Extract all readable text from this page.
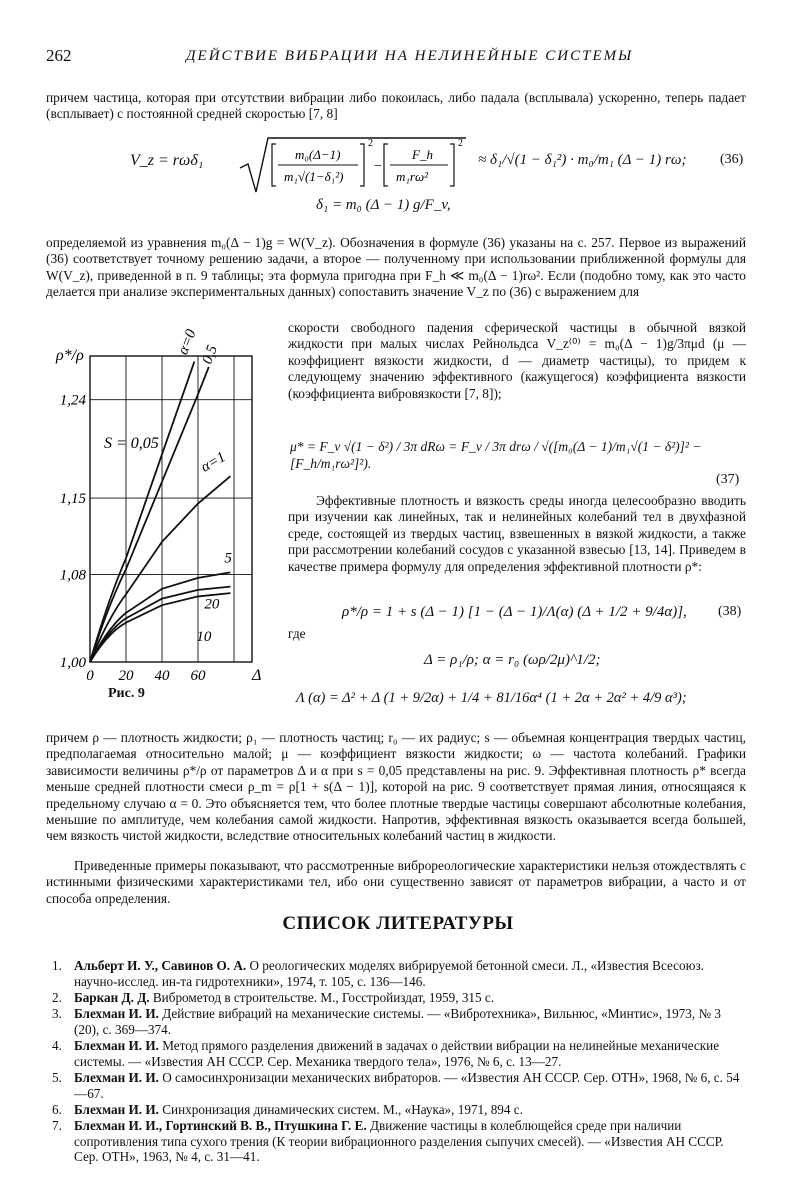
262	ДЕЙСТВИЕ ВИБРАЦИИ НА НЕЛИНЕЙНЫЕ СИСТЕМЫ
причем частица, которая при отсутствии вибрации либо покоилась, либо падала (всплывала) ускоренно, теперь падает (всплывает) с постоянной средней скоростью [7, 8]
V_z = rωδ₁	m₀(Δ−1)
m₁√(1−δ₁²)
F_h
m₁rω²
2	2
−	≈ δ₁/√(1 − δ₁²) · m₀/m₁ (Δ − 1) rω; (36)
δ₁ = m₀ (Δ − 1) g/F_v,
определяемой из уравнения m₀(Δ − 1)g = W(V_z). Обозначения в формуле (36) указаны на с. 257. Первое из выражений (36) соответствует точному решению задачи, а второе — полученному при использовании приближенной формулы для W(V_z), приведенной в п. 9 таблицы; эта формула пригодна при F_h ≪ m₀(Δ − 1)rω². Если (подобно тому, как это часто делается при анализе экспериментальных данных) сопоставить значение V_z по (36) с выражением для
α=0 0,5
α=1
5
20
10
0 20 40 60
1,00
1,08
1,15
1,24
ρ*/ρ
Δ
S = 0,05
Рис. 9
скорости свободного падения сферической частицы в обычной вязкой жидкости при малых числах Рейнольдса V_z⁽⁰⁾ = m₀(Δ − 1)g/3πμd (μ — коэффициент вязкости жидкости, d — диаметр частицы), то придем к следующему значению эффективного (кажущегося) коэффициента вязкости (коэффициента вибровязкости [7, 8]);
μ* = F_v √(1 − δ²) / 3π dRω = F_v / 3π drω / √([m₀(Δ − 1)/m₁√(1 − δ²)]² − [F_h/m₁rω²]²).
(37)
Эффективные плотность и вязкость среды иногда целесообразно вводить при изучении как линейных, так и нелинейных колебаний тел в двухфазной среде, состоящей из твердых частиц, взвешенных в вязкой жидкости, а также при рассмотрении колебаний сосудов с указанной взвесью [13, 14]. Приведем в качестве примера формулу для определения эффективной плотности ρ*:
ρ*/ρ = 1 + s (Δ − 1) [1 − (Δ − 1)/Λ(α) (Δ + 1/2 + 9/4α)], (38)
где
Δ = ρ₁/ρ; α = r₀ (ωρ/2μ)^1/2;
Λ (α) = Δ² + Δ (1 + 9/2α) + 1/4 + 81/16α⁴ (1 + 2α + 2α² + 4/9 α³);
причем ρ — плотность жидкости; ρ₁ — плотность частиц; r₀ — их радиус; s — объемная концентрация твердых частиц, предполагаемая относительно малой; μ — коэффициент вязкости жидкости; ω — частота колебаний. Графики зависимости величины ρ*/ρ от параметров Δ и α при s = 0,05 представлены на рис. 9. Эффективная плотность ρ* всегда меньше средней плотности смеси ρ_m = ρ[1 + s(Δ − 1)], которой на рис. 9 соответствует прямая линия, относящаяся к предельному случаю α = 0. Это объясняется тем, что более плотные твердые частицы совершают абсолютные колебания, меньшие по амплитуде, чем колебания самой жидкости. Напротив, эффективная вязкость оказывается всегда большей, чем вязкость чистой жидкости, вследствие относительных колебаний частиц в жидкости.
Приведенные примеры показывают, что рассмотренные виброреологические характеристики нельзя отождествлять с истинными физическими характеристиками тел, ибо они существенно зависят от параметров вибрации, а часто и от способа определения.
СПИСОК ЛИТЕРАТУРЫ
1. Альберт И. У., Савинов О. А. О реологических моделях вибрируемой бетонной смеси. Л., «Известия Всесоюз. научно-исслед. ин-та гидротехники», 1974, т. 105, с. 136—146.
2. Баркан Д. Д. Виброметод в строительстве. М., Госстройиздат, 1959, 315 с.
3. Блехман И. И. Действие вибраций на механические системы. — «Вибротехника», Вильнюс, «Минтис», 1973, № 3 (20), с. 369—374.
4. Блехман И. И. Метод прямого разделения движений в задачах о действии вибрации на нелинейные механические системы. — «Известия АН СССР. Сер. Механика твердого тела», 1976, № 6, с. 13—27.
5. Блехман И. И. О самосинхронизации механических вибраторов. — «Известия АН СССР. Сер. ОТН», 1968, № 6, с. 54—67.
6. Блехман И. И. Синхронизация динамических систем. М., «Наука», 1971, 894 с.
7. Блехман И. И., Гортинский В. В., Птушкина Г. Е. Движение частицы в колеблющейся среде при наличии сопротивления типа сухого трения (К теории вибрационного разделения сыпучих смесей). — «Известия АН СССР. Сер. ОТН», 1963, № 4, с. 31—41.
